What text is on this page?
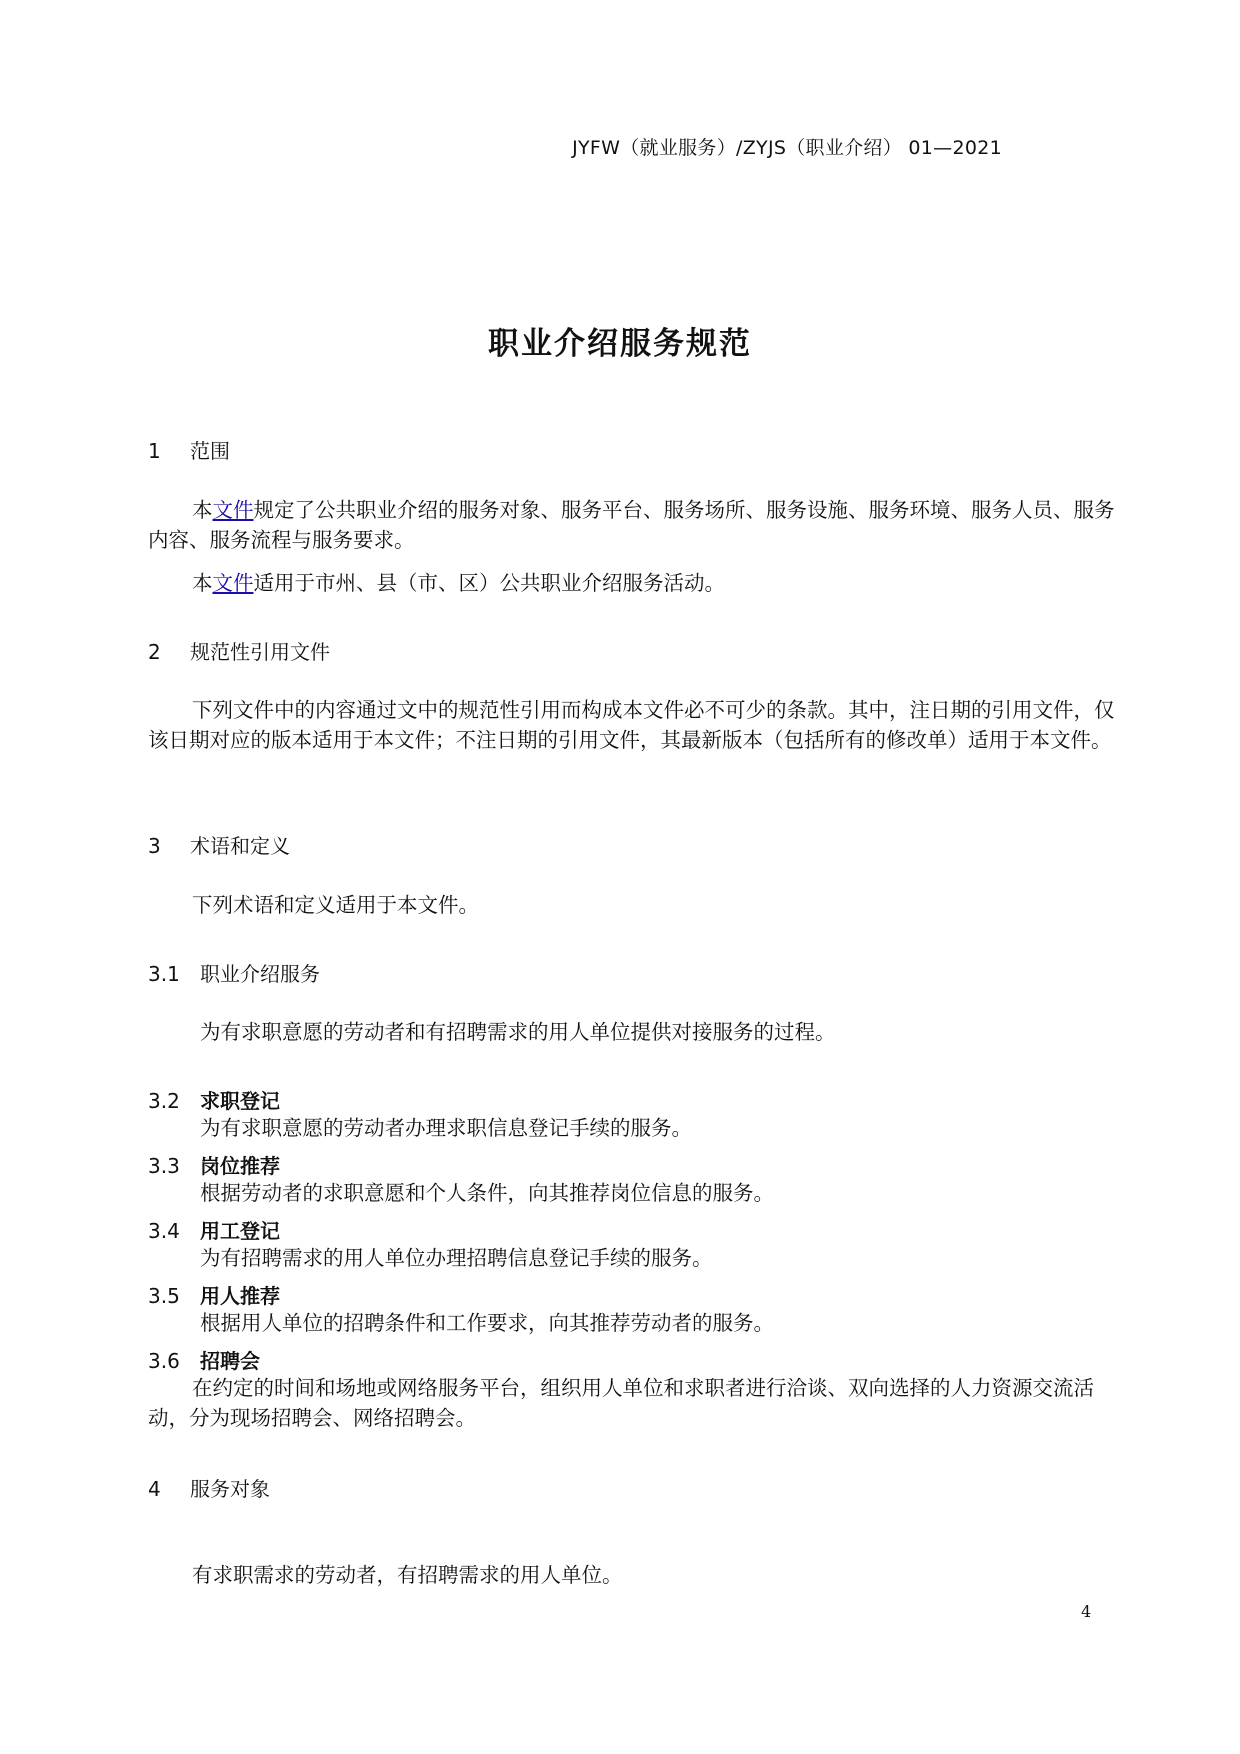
JYFW（就业服务）/ZYJS（职业介绍） 01—2021
职业介绍服务规范
1 范围
本文件规定了公共职业介绍的服务对象、服务平台、服务场所、服务设施、服务环境、服务人员、服务内容、服务流程与服务要求。
本文件适用于市州、县（市、区）公共职业介绍服务活动。
2 规范性引用文件
下列文件中的内容通过文中的规范性引用而构成本文件必不可少的条款。其中，注日期的引用文件，仅该日期对应的版本适用于本文件；不注日期的引用文件，其最新版本（包括所有的修改单）适用于本文件。
3 术语和定义
下列术语和定义适用于本文件。
3.1 职业介绍服务
为有求职意愿的劳动者和有招聘需求的用人单位提供对接服务的过程。
3.2 求职登记
为有求职意愿的劳动者办理求职信息登记手续的服务。
3.3 岗位推荐
根据劳动者的求职意愿和个人条件，向其推荐岗位信息的服务。
3.4 用工登记
为有招聘需求的用人单位办理招聘信息登记手续的服务。
3.5 用人推荐
根据用人单位的招聘条件和工作要求，向其推荐劳动者的服务。
3.6 招聘会
在约定的时间和场地或网络服务平台，组织用人单位和求职者进行洽谈、双向选择的人力资源交流活动，分为现场招聘会、网络招聘会。
4 服务对象
有求职需求的劳动者，有招聘需求的用人单位。
4
